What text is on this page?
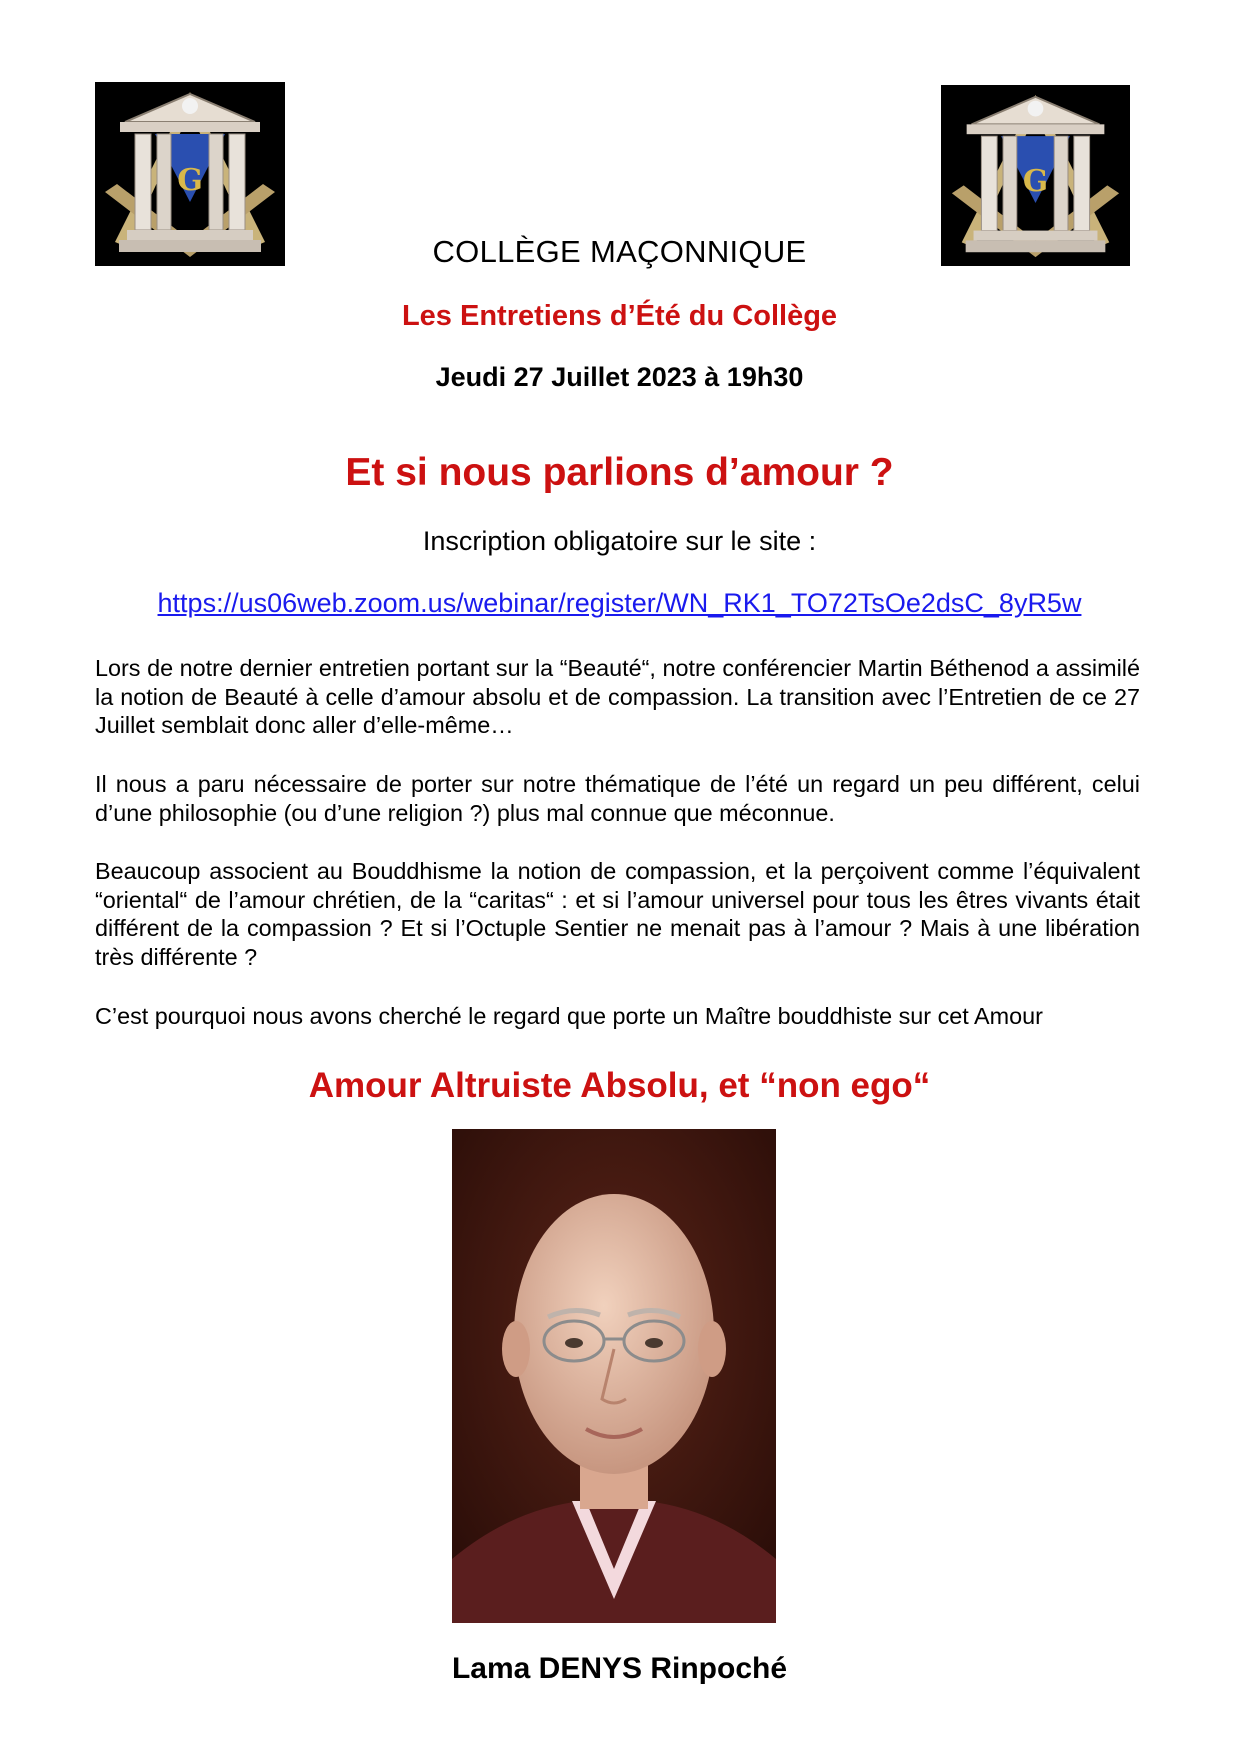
G	G
COLLÈGE MAÇONNIQUE
Les Entretiens d’Été du Collège
Jeudi 27 Juillet 2023 à 19h30
Et si nous parlions d’amour ?
Inscription obligatoire sur le site :
https://us06web.zoom.us/webinar/register/WN_RK1_TO72TsOe2dsC_8yR5w
Lors de notre dernier entretien portant sur la “Beauté“, notre conférencier Martin Béthenod a assimilé la notion de Beauté à celle d’amour absolu et de compassion. La transition avec l’Entretien de ce 27 Juillet semblait donc aller d’elle-même…
Il nous a paru nécessaire de porter sur notre thématique de l’été un regard un peu différent, celui d’une philosophie (ou d’une religion ?) plus mal connue que méconnue.
Beaucoup associent au Bouddhisme la notion de compassion, et la perçoivent comme l’équivalent “oriental“ de l’amour chrétien, de la “caritas“ : et si l’amour universel pour tous les êtres vivants était différent de la compassion ? Et si l’Octuple Sentier ne menait pas à l’amour ? Mais à une libération très différente ?
C’est pourquoi nous avons cherché le regard que porte un Maître bouddhiste sur cet Amour
Amour Altruiste Absolu, et “non ego“
Lama DENYS Rinpoché
